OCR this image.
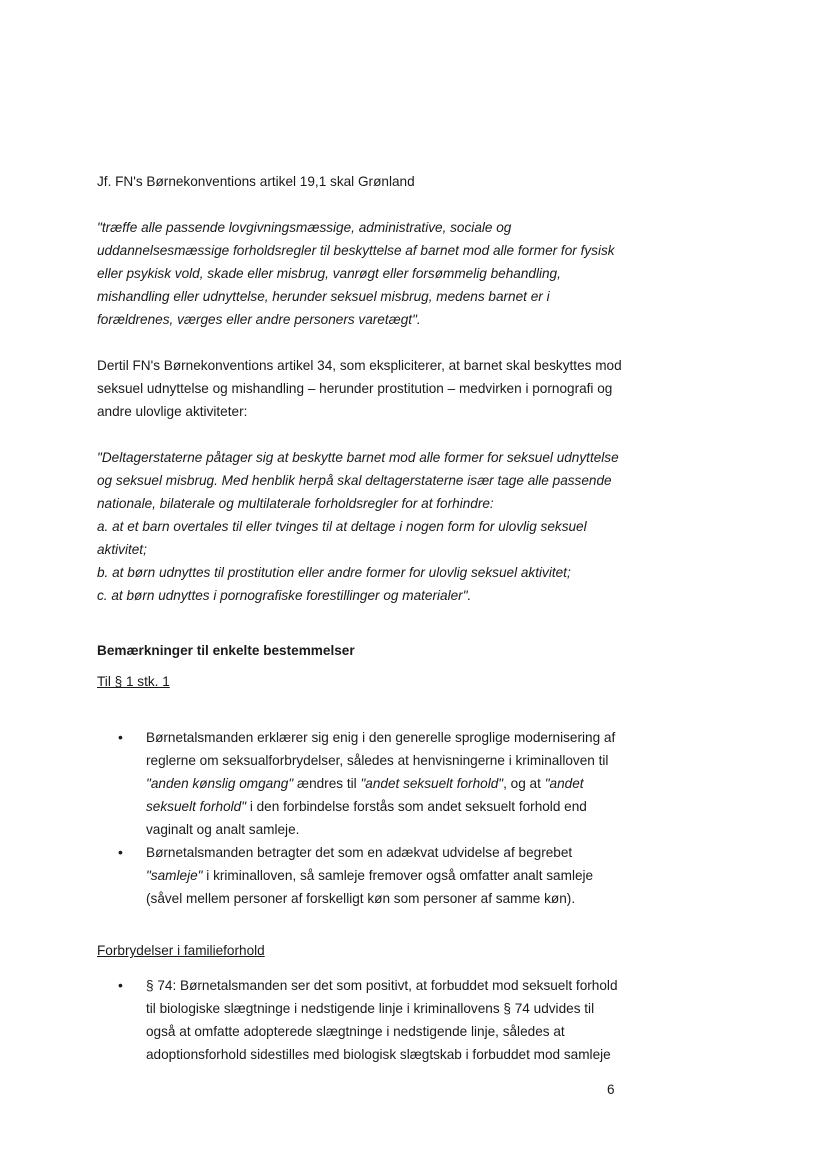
Jf. FN's Børnekonventions artikel 19,1 skal Grønland
"træffe alle passende lovgivningsmæssige, administrative, sociale og uddannelsesmæssige forholdsregler til beskyttelse af barnet mod alle former for fysisk eller psykisk vold, skade eller misbrug, vanrøgt eller forsømmelig behandling, mishandling eller udnyttelse, herunder seksuel misbrug, medens barnet er i forældrenes, værges eller andre personers varetægt".
Dertil FN's Børnekonventions artikel 34, som ekspliciterer, at barnet skal beskyttes mod seksuel udnyttelse og mishandling – herunder prostitution – medvirken i pornografi og andre ulovlige aktiviteter:
"Deltagerstaterne påtager sig at beskytte barnet mod alle former for seksuel udnyttelse og seksuel misbrug. Med henblik herpå skal deltagerstaterne især tage alle passende nationale, bilaterale og multilaterale forholdsregler for at forhindre:
a. at et barn overtales til eller tvinges til at deltage i nogen form for ulovlig seksuel aktivitet;
b. at børn udnyttes til prostitution eller andre former for ulovlig seksuel aktivitet;
c. at børn udnyttes i pornografiske forestillinger og materialer".
Bemærkninger til enkelte bestemmelser
Til § 1 stk. 1
• Børnetalsmanden erklærer sig enig i den generelle sproglige modernisering af reglerne om seksualforbrydelser, således at henvisningerne i kriminalloven til "anden kønslig omgang" ændres til "andet seksuelt forhold", og at "andet seksuelt forhold" i den forbindelse forstås som andet seksuelt forhold end vaginalt og analt samleje.
• Børnetalsmanden betragter det som en adækvat udvidelse af begrebet "samleje" i kriminalloven, så samleje fremover også omfatter analt samleje (såvel mellem personer af forskelligt køn som personer af samme køn).
Forbrydelser i familieforhold
• § 74: Børnetalsmanden ser det som positivt, at forbuddet mod seksuelt forhold til biologiske slægtninge i nedstigende linje i kriminallovens § 74 udvides til også at omfatte adopterede slægtninge i nedstigende linje, således at adoptionsforhold sidestilles med biologisk slægtskab i forbuddet mod samleje
6
